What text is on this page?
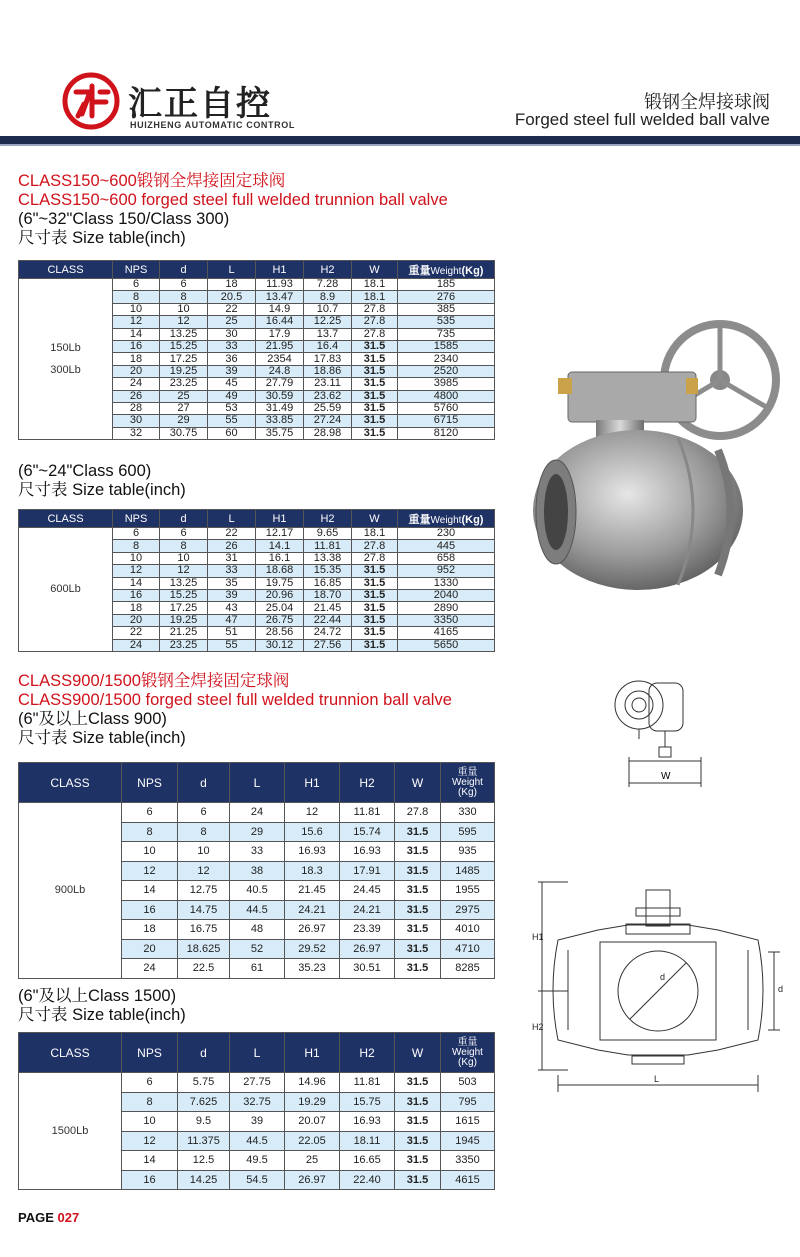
汇正自控
HUIZHENG AUTOMATIC CONTROL
锻钢全焊接球阀
Forged steel full welded ball valve
CLASS150~600锻钢全焊接固定球阀
CLASS150~600 forged steel full welded trunnion ball valve
(6"~32"Class 150/Class 300)
尺寸表 Size table(inch)
CLASS	NPS	d	L	H1	H2	W	重量Weight(Kg)
150Lb

300Lb	6	6	18	11.93	7.28	18.1	185
	8	8	20.5	13.47	8.9	18.1	276
	10	10	22	14.9	10.7	27.8	385
	12	12	25	16.44	12.25	27.8	535
	14	13.25	30	17.9	13.7	27.8	735
	16	15.25	33	21.95	16.4	31.5	1585
	18	17.25	36	2354	17.83	31.5	2340
	20	19.25	39	24.8	18.86	31.5	2520
	24	23.25	45	27.79	23.11	31.5	3985
	26	25	49	30.59	23.62	31.5	4800
	28	27	53	31.49	25.59	31.5	5760
	30	29	55	33.85	27.24	31.5	6715
	32	30.75	60	35.75	28.98	31.5	8120
(6"~24"Class 600)
尺寸表 Size table(inch)
CLASS	NPS	d	L	H1	H2	W	重量Weight(Kg)
600Lb	6	6	22	12.17	9.65	18.1	230
	8	8	26	14.1	11.81	27.8	445
	10	10	31	16.1	13.38	27.8	658
	12	12	33	18.68	15.35	31.5	952
	14	13.25	35	19.75	16.85	31.5	1330
	16	15.25	39	20.96	18.70	31.5	2040
	18	17.25	43	25.04	21.45	31.5	2890
	20	19.25	47	26.75	22.44	31.5	3350
	22	21.25	51	28.56	24.72	31.5	4165
	24	23.25	55	30.12	27.56	31.5	5650
CLASS900/1500锻钢全焊接固定球阀
CLASS900/1500 forged steel full welded trunnion ball valve
(6"及以上Class 900)
尺寸表 Size table(inch)
CLASS	NPS	d	L	H1	H2	W	重量
Weight
(Kg)
900Lb	6	6	24	12	11.81	27.8	330
	8	8	29	15.6	15.74	31.5	595
	10	10	33	16.93	16.93	31.5	935
	12	12	38	18.3	17.91	31.5	1485
	14	12.75	40.5	21.45	24.45	31.5	1955
	16	14.75	44.5	24.21	24.21	31.5	2975
	18	16.75	48	26.97	23.39	31.5	4010
	20	18.625	52	29.52	26.97	31.5	4710
	24	22.5	61	35.23	30.51	31.5	8285
(6"及以上Class 1500)
尺寸表 Size table(inch)
CLASS	NPS	d	L	H1	H2	W	重量
Weight
(Kg)
1500Lb	6	5.75	27.75	14.96	11.81	31.5	503
	8	7.625	32.75	19.29	15.75	31.5	795
	10	9.5	39	20.07	16.93	31.5	1615
	12	11.375	44.5	22.05	18.11	31.5	1945
	14	12.5	49.5	25	16.65	31.5	3350
	16	14.25	54.5	26.97	22.40	31.5	4615
W
H1
H2
d
d
L
PAGE 027
